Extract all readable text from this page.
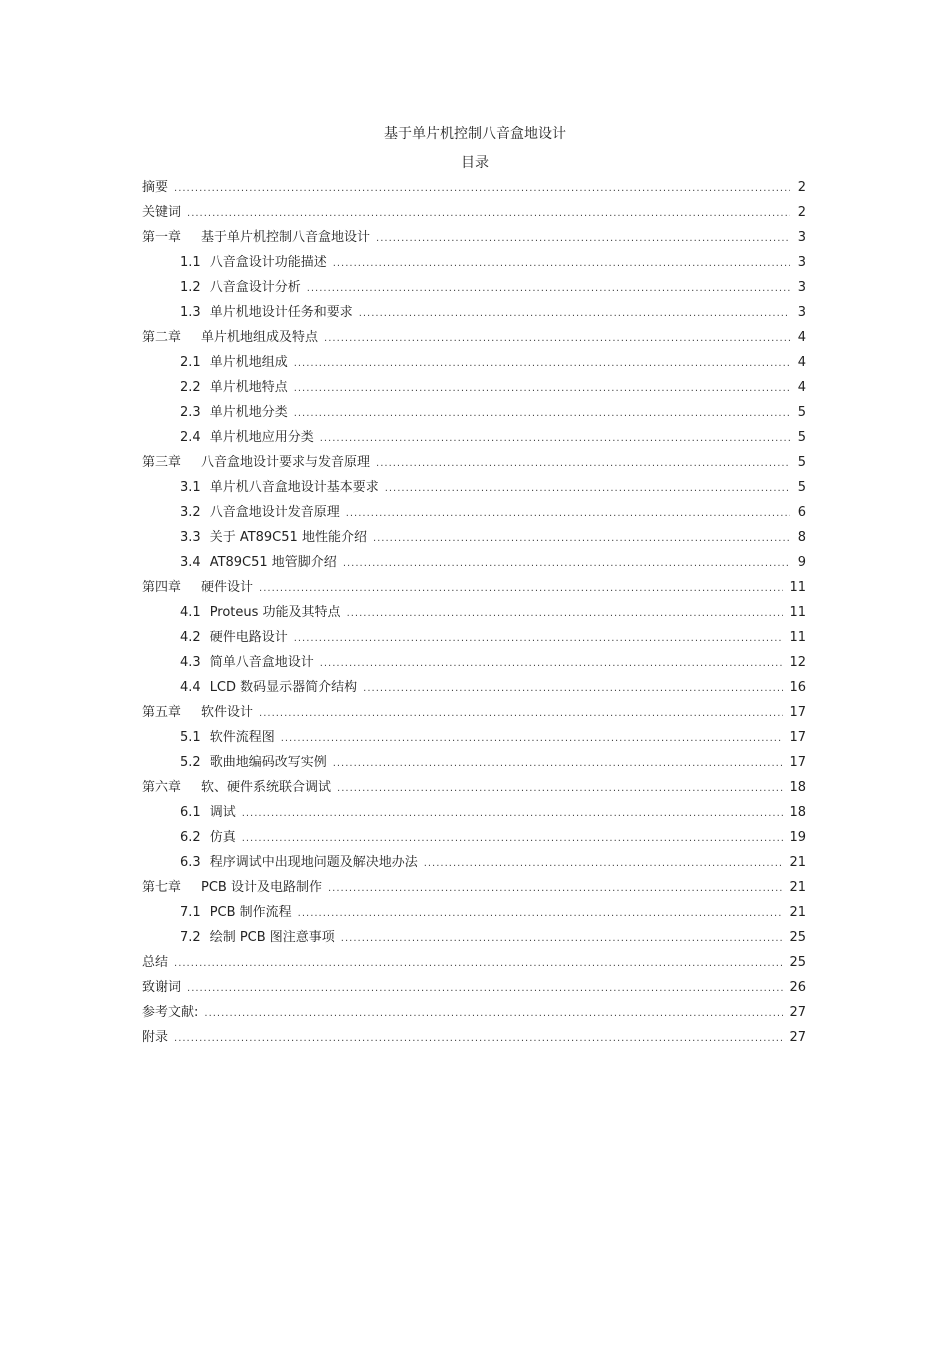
基于单片机控制八音盒地设计
目录
摘要 .....	2
关键词 .....	2
第一章 基于单片机控制八音盒地设计 .....	3
1.1 八音盒设计功能描述 .....	3
1.2 八音盒设计分析 .....	3
1.3 单片机地设计任务和要求 .....	3
第二章 单片机地组成及特点 .....	4
2.1 单片机地组成 .....	4
2.2 单片机地特点 .....	4
2.3 单片机地分类 .....	5
2.4 单片机地应用分类 .....	5
第三章 八音盒地设计要求与发音原理 .....	5
3.1 单片机八音盒地设计基本要求 .....	5
3.2 八音盒地设计发音原理 .....	6
3.3 关于 AT89C51 地性能介绍 .....	8
3.4 AT89C51 地管脚介绍 .....	9
第四章 硬件设计 .....	11
4.1 Proteus 功能及其特点 .....	11
4.2 硬件电路设计 .....	11
4.3 简单八音盒地设计 .....	12
4.4 LCD 数码显示器简介结构 .....	16
第五章 软件设计 .....	17
5.1 软件流程图 .....	17
5.2 歌曲地编码改写实例 .....	17
第六章 软、硬件系统联合调试 .....	18
6.1 调试 .....	18
6.2 仿真 .....	19
6.3 程序调试中出现地问题及解决地办法 .....	21
第七章 PCB 设计及电路制作 .....	21
7.1 PCB 制作流程 .....	21
7.2 绘制 PCB 图注意事项 .....	25
总结 .....	25
致谢词 .....	26
参考文献: .....	27
附录 .....	27
